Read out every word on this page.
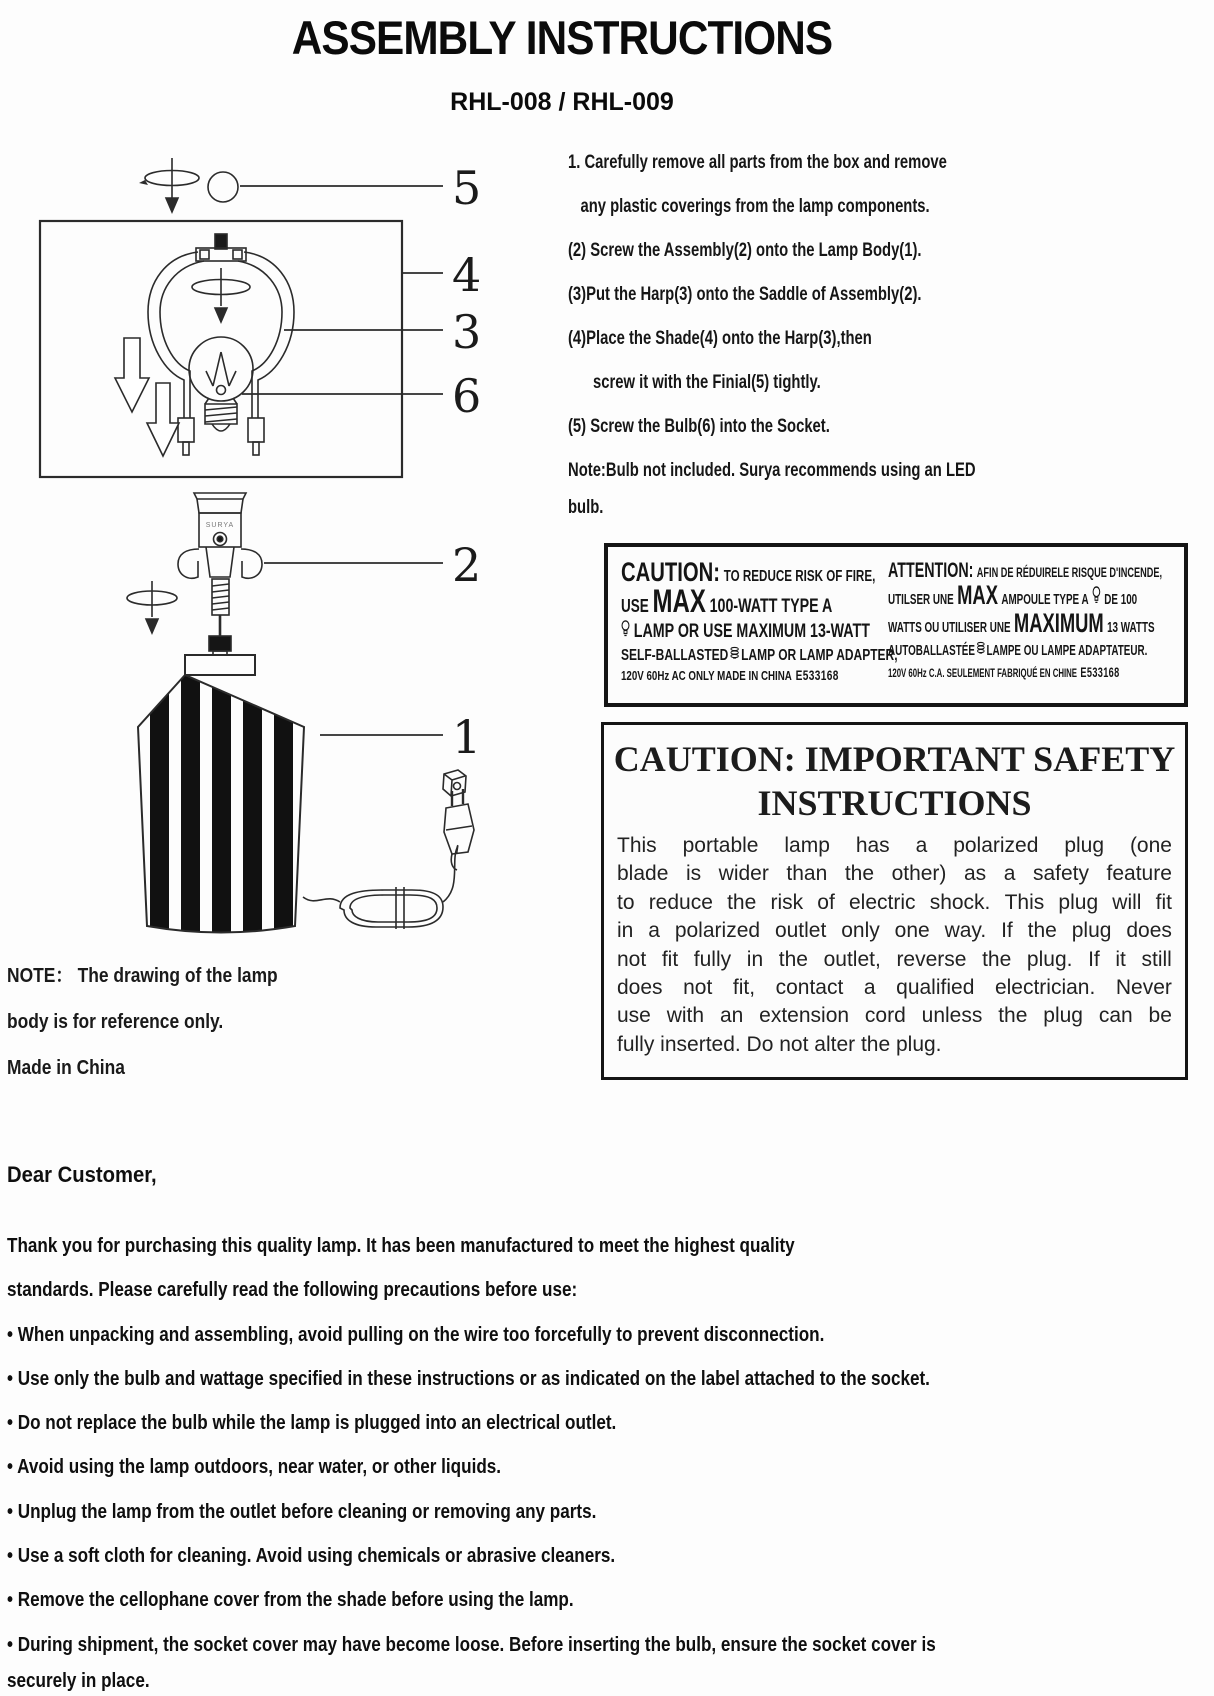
ASSEMBLY INSTRUCTIONS
RHL-008 / RHL-009
5
4
3
6
SURYA
2
1
1. Carefully remove all parts from the box and remove
any plastic coverings from the lamp components.
(2) Screw the Assembly(2) onto the Lamp Body(1).
(3)Put the Harp(3) onto the Saddle of Assembly(2).
(4)Place the Shade(4) onto the Harp(3),then
screw it with the Finial(5) tightly.
(5) Screw the Bulb(6) into the Socket.
Note:Bulb not included. Surya recommends using an LED
bulb.
CAUTION: TO REDUCE RISK OF FIRE,
USE MAX 100-WATT TYPE A
LAMP OR USE MAXIMUM 13-WATT
SELF-BALLASTED LAMP OR LAMP ADAPTER,
120V 60Hz AC ONLY MADE IN CHINA E533168
ATTENTION: AFIN DE RÉDUIRELE RISQUE D'INCENDE,
UTILSER UNE MAX AMPOULE TYPE A DE 100
WATTS OU UTILISER UNE MAXIMUM 13 WATTS
AUTOBALLASTÉE LAMPE OU LAMPE ADAPTATEUR.
120V 60Hz C.A. SEULEMENT FABRIQUÉ EN CHINE E533168
CAUTION: IMPORTANT SAFETY
INSTRUCTIONS
This portable lamp has a polarized plug (one
blade is wider than the other) as a safety feature
to reduce the risk of electric shock. This plug will fit
in a polarized outlet only one way. If the plug does
not fit fully in the outlet, reverse the plug. If it still
does not fit, contact a qualified electrician. Never
use with an extension cord unless the plug can be
fully inserted. Do not alter the plug.
NOTE： The drawing of the lamp
body is for reference only.
Made in China
Dear Customer,
Thank you for purchasing this quality lamp. It has been manufactured to meet the highest quality
standards. Please carefully read the following precautions before use:
• When unpacking and assembling, avoid pulling on the wire too forcefully to prevent disconnection.
• Use only the bulb and wattage specified in these instructions or as indicated on the label attached to the socket.
• Do not replace the bulb while the lamp is plugged into an electrical outlet.
• Avoid using the lamp outdoors, near water, or other liquids.
• Unplug the lamp from the outlet before cleaning or removing any parts.
• Use a soft cloth for cleaning. Avoid using chemicals or abrasive cleaners.
• Remove the cellophane cover from the shade before using the lamp.
• During shipment, the socket cover may have become loose. Before inserting the bulb, ensure the socket cover is
securely in place.
